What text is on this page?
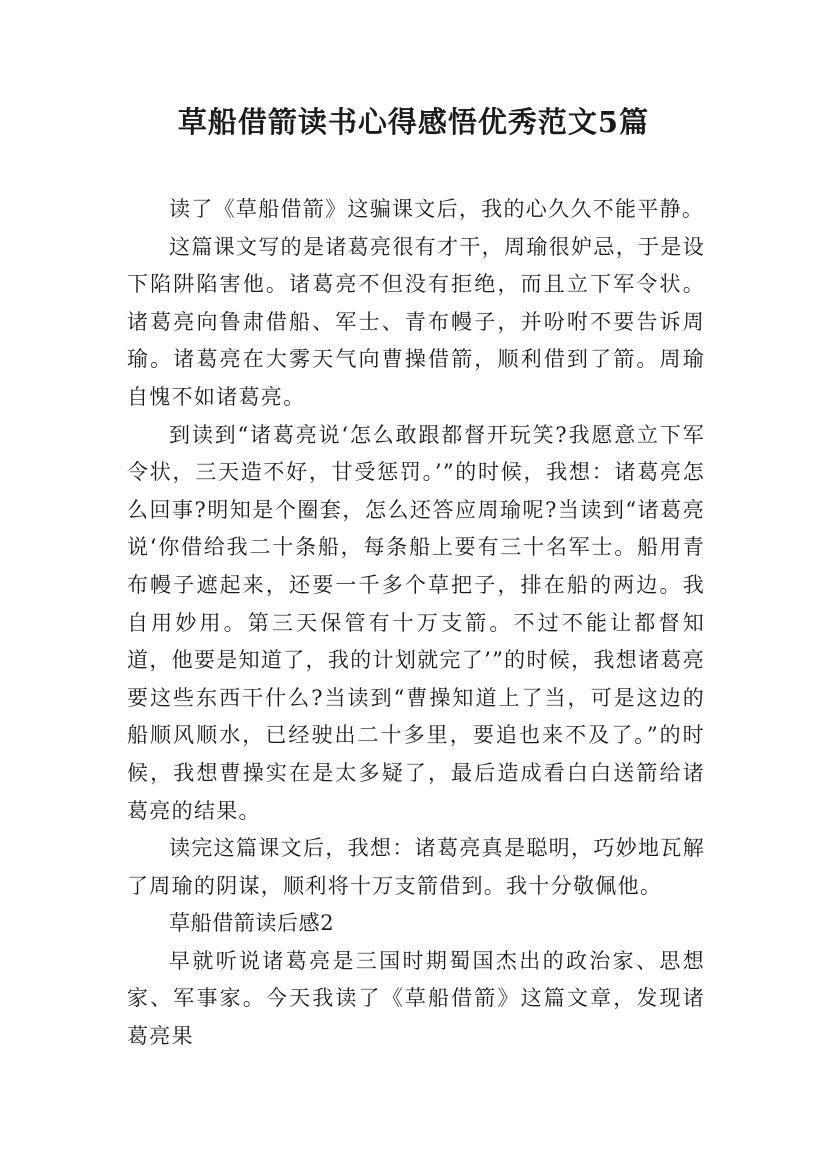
草船借箭读书心得感悟优秀范文5篇

读了《草船借箭》这骗课文后，我的心久久不能平静。

这篇课文写的是诸葛亮很有才干，周瑜很妒忌，于是设下陷阱陷害他。诸葛亮不但没有拒绝，而且立下军令状。诸葛亮向鲁肃借船、军士、青布幔子，并吩咐不要告诉周瑜。诸葛亮在大雾天气向曹操借箭，顺利借到了箭。周瑜自愧不如诸葛亮。

到读到“诸葛亮说‘怎么敢跟都督开玩笑?我愿意立下军令状，三天造不好，甘受惩罚。’”的时候，我想：诸葛亮怎么回事?明知是个圈套，怎么还答应周瑜呢?当读到“诸葛亮说‘你借给我二十条船，每条船上要有三十名军士。船用青布幔子遮起来，还要一千多个草把子，排在船的两边。我自用妙用。第三天保管有十万支箭。不过不能让都督知道，他要是知道了，我的计划就完了’”的时候，我想诸葛亮要这些东西干什么?当读到“曹操知道上了当，可是这边的船顺风顺水，已经驶出二十多里，要追也来不及了。”的时候，我想曹操实在是太多疑了，最后造成看白白送箭给诸葛亮的结果。

读完这篇课文后，我想：诸葛亮真是聪明，巧妙地瓦解了周瑜的阴谋，顺利将十万支箭借到。我十分敬佩他。

草船借箭读后感2

早就听说诸葛亮是三国时期蜀国杰出的政治家、思想家、军事家。今天我读了《草船借箭》这篇文章，发现诸葛亮果
